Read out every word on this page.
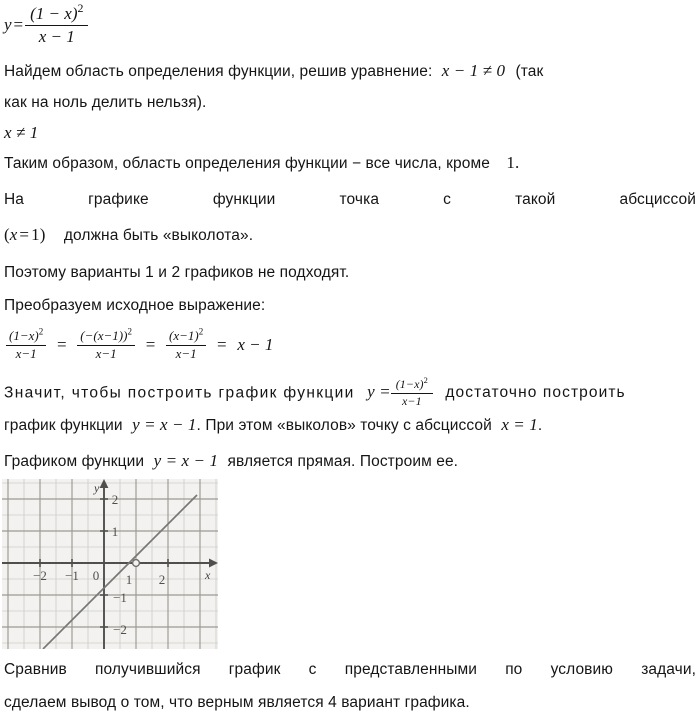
$y = \frac{(1 - x)^2}{x - 1}$
Найдем область определения функции, решив уравнение: x − 1 ≠ 0 (так
как на ноль делить нельзя).
x ≠ 1
Таким образом, область определения функции − все числа, кроме 1.
На графике функции точка с такой абсциссой
(x = 1) должна быть «выколота».
Поэтому варианты 1 и 2 графиков не подходят.
Преобразуем исходное выражение:
$\frac{(1-x)^2}{x-1} = \frac{(-(x-1))^2}{x-1} = \frac{(x-1)^2}{x-1} = x - 1$
Значит, чтобы построить график функции $y = \frac{(1-x)^2}{x-1}$ достаточно построить
график функции y = x − 1. При этом «выколов» точку с абсциссой x = 1.
Графиком функции y = x − 1 является прямая. Построим ее.
y
x
−2 −1 0 1 2
2
1
−1
−2
Сравнив получившийся график с представленными по условию задачи,
сделаем вывод о том, что верным является 4 вариант графика.
